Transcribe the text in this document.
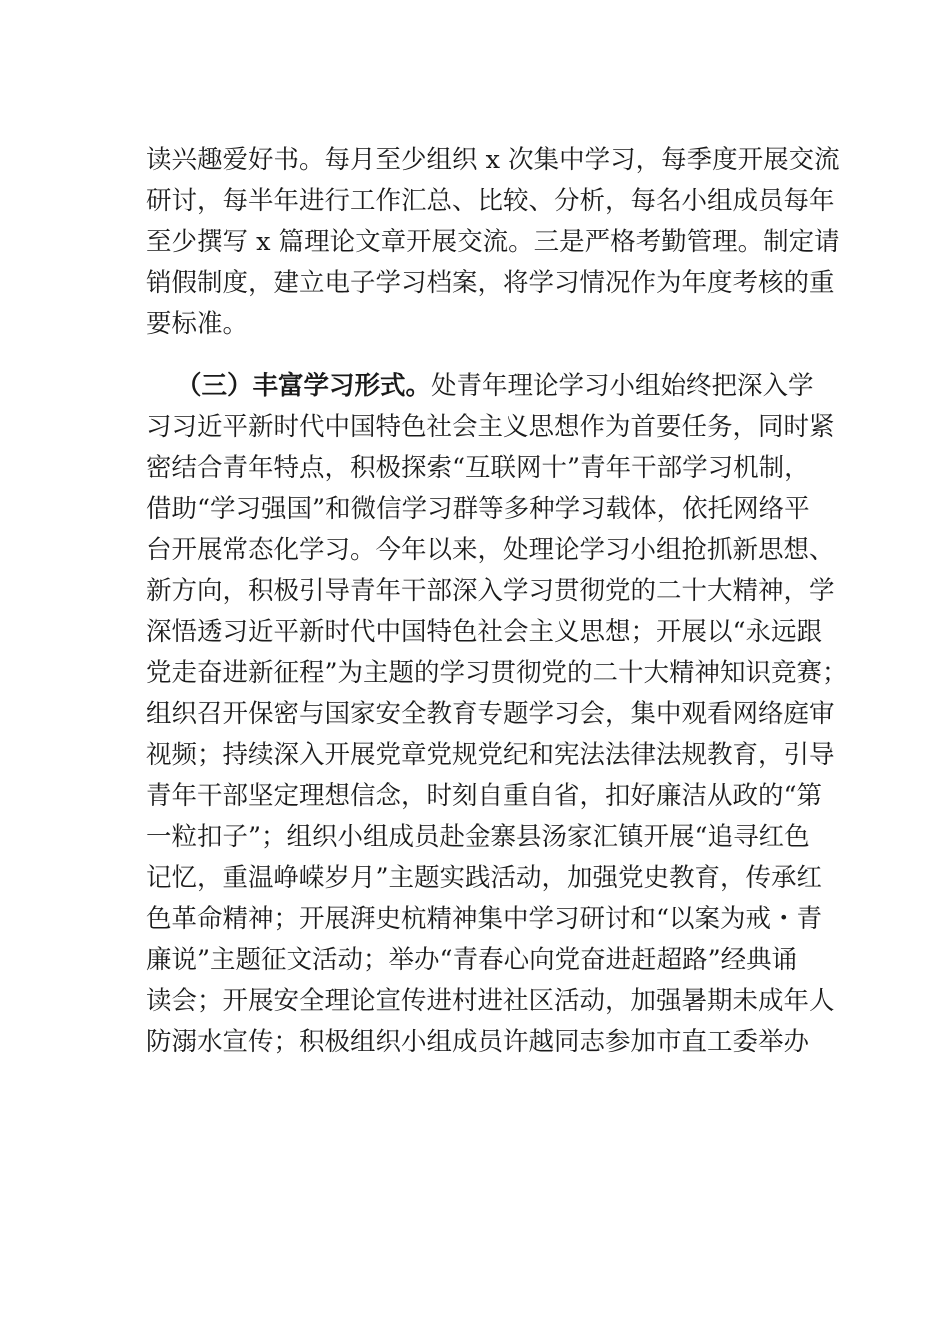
读兴趣爱好书。每月至少组织 x 次集中学习，每季度开展交流
研讨，每半年进行工作汇总、比较、分析，每名小组成员每年
至少撰写 x 篇理论文章开展交流。三是严格考勤管理。制定请
销假制度，建立电子学习档案，将学习情况作为年度考核的重
要标准。
（三）丰富学习形式。处青年理论学习小组始终把深入学
习习近平新时代中国特色社会主义思想作为首要任务，同时紧
密结合青年特点，积极探索“互联网十”青年干部学习机制，
借助“学习强国”和微信学习群等多种学习载体，依托网络平
台开展常态化学习。今年以来，处理论学习小组抢抓新思想、
新方向，积极引导青年干部深入学习贯彻党的二十大精神，学
深悟透习近平新时代中国特色社会主义思想；开展以“永远跟
党走奋进新征程”为主题的学习贯彻党的二十大精神知识竞赛；
组织召开保密与国家安全教育专题学习会，集中观看网络庭审
视频；持续深入开展党章党规党纪和宪法法律法规教育，引导
青年干部坚定理想信念，时刻自重自省，扣好廉洁从政的“第
一粒扣子”；组织小组成员赴金寨县汤家汇镇开展“追寻红色
记忆，重温峥嵘岁月”主题实践活动，加强党史教育，传承红
色革命精神；开展湃史杭精神集中学习研讨和“以案为戒・青
廉说”主题征文活动；举办“青春心向党奋进赶超路”经典诵
读会；开展安全理论宣传进村进社区活动，加强暑期未成年人
防溺水宣传；积极组织小组成员许越同志参加市直工委举办
